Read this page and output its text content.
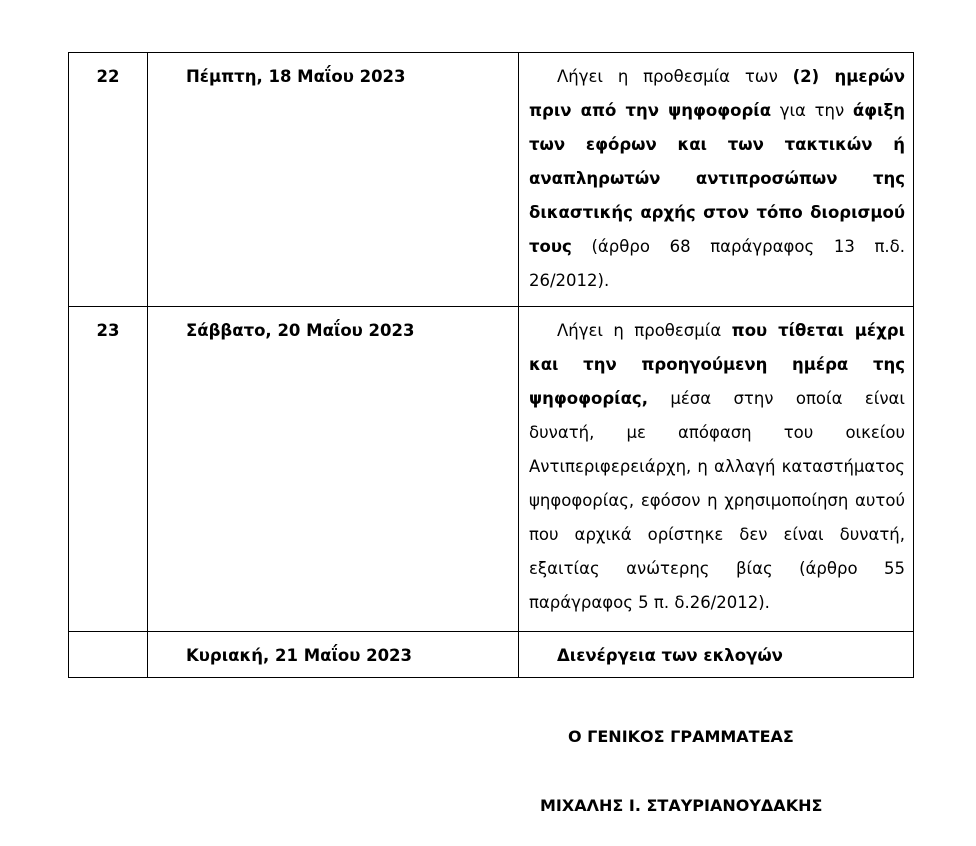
22	Πέμπτη, 18 Μαΐου 2023	Λήγει η προθεσμία των (2) ημερών πριν από την ψηφοφορία για την άφιξη των εφόρων και των τακτικών ή αναπληρωτών αντιπροσώπων της δικαστικής αρχής στον τόπο διορισμού τους (άρθρο 68 παράγραφος 13 π.δ. 26/2012).

23	Σάββατο, 20 Μαΐου 2023	Λήγει η προθεσμία που τίθεται μέχρι και την προηγούμενη ημέρα της ψηφοφορίας, μέσα στην οποία είναι δυνατή, με απόφαση του οικείου Αντιπεριφερειάρχη, η αλλαγή καταστήματος ψηφοφορίας, εφόσον η χρησιμοποίηση αυτού που αρχικά ορίστηκε δεν είναι δυνατή, εξαιτίας ανώτερης βίας (άρθρο 55 παράγραφος 5 π. δ.26/2012).

	Κυριακή, 21 Μαΐου 2023	Διενέργεια των εκλογών
Ο ΓΕΝΙΚΟΣ ΓΡΑΜΜΑΤΕΑΣ
ΜΙΧΑΛΗΣ Ι. ΣΤΑΥΡΙΑΝΟΥΔΑΚΗΣ
